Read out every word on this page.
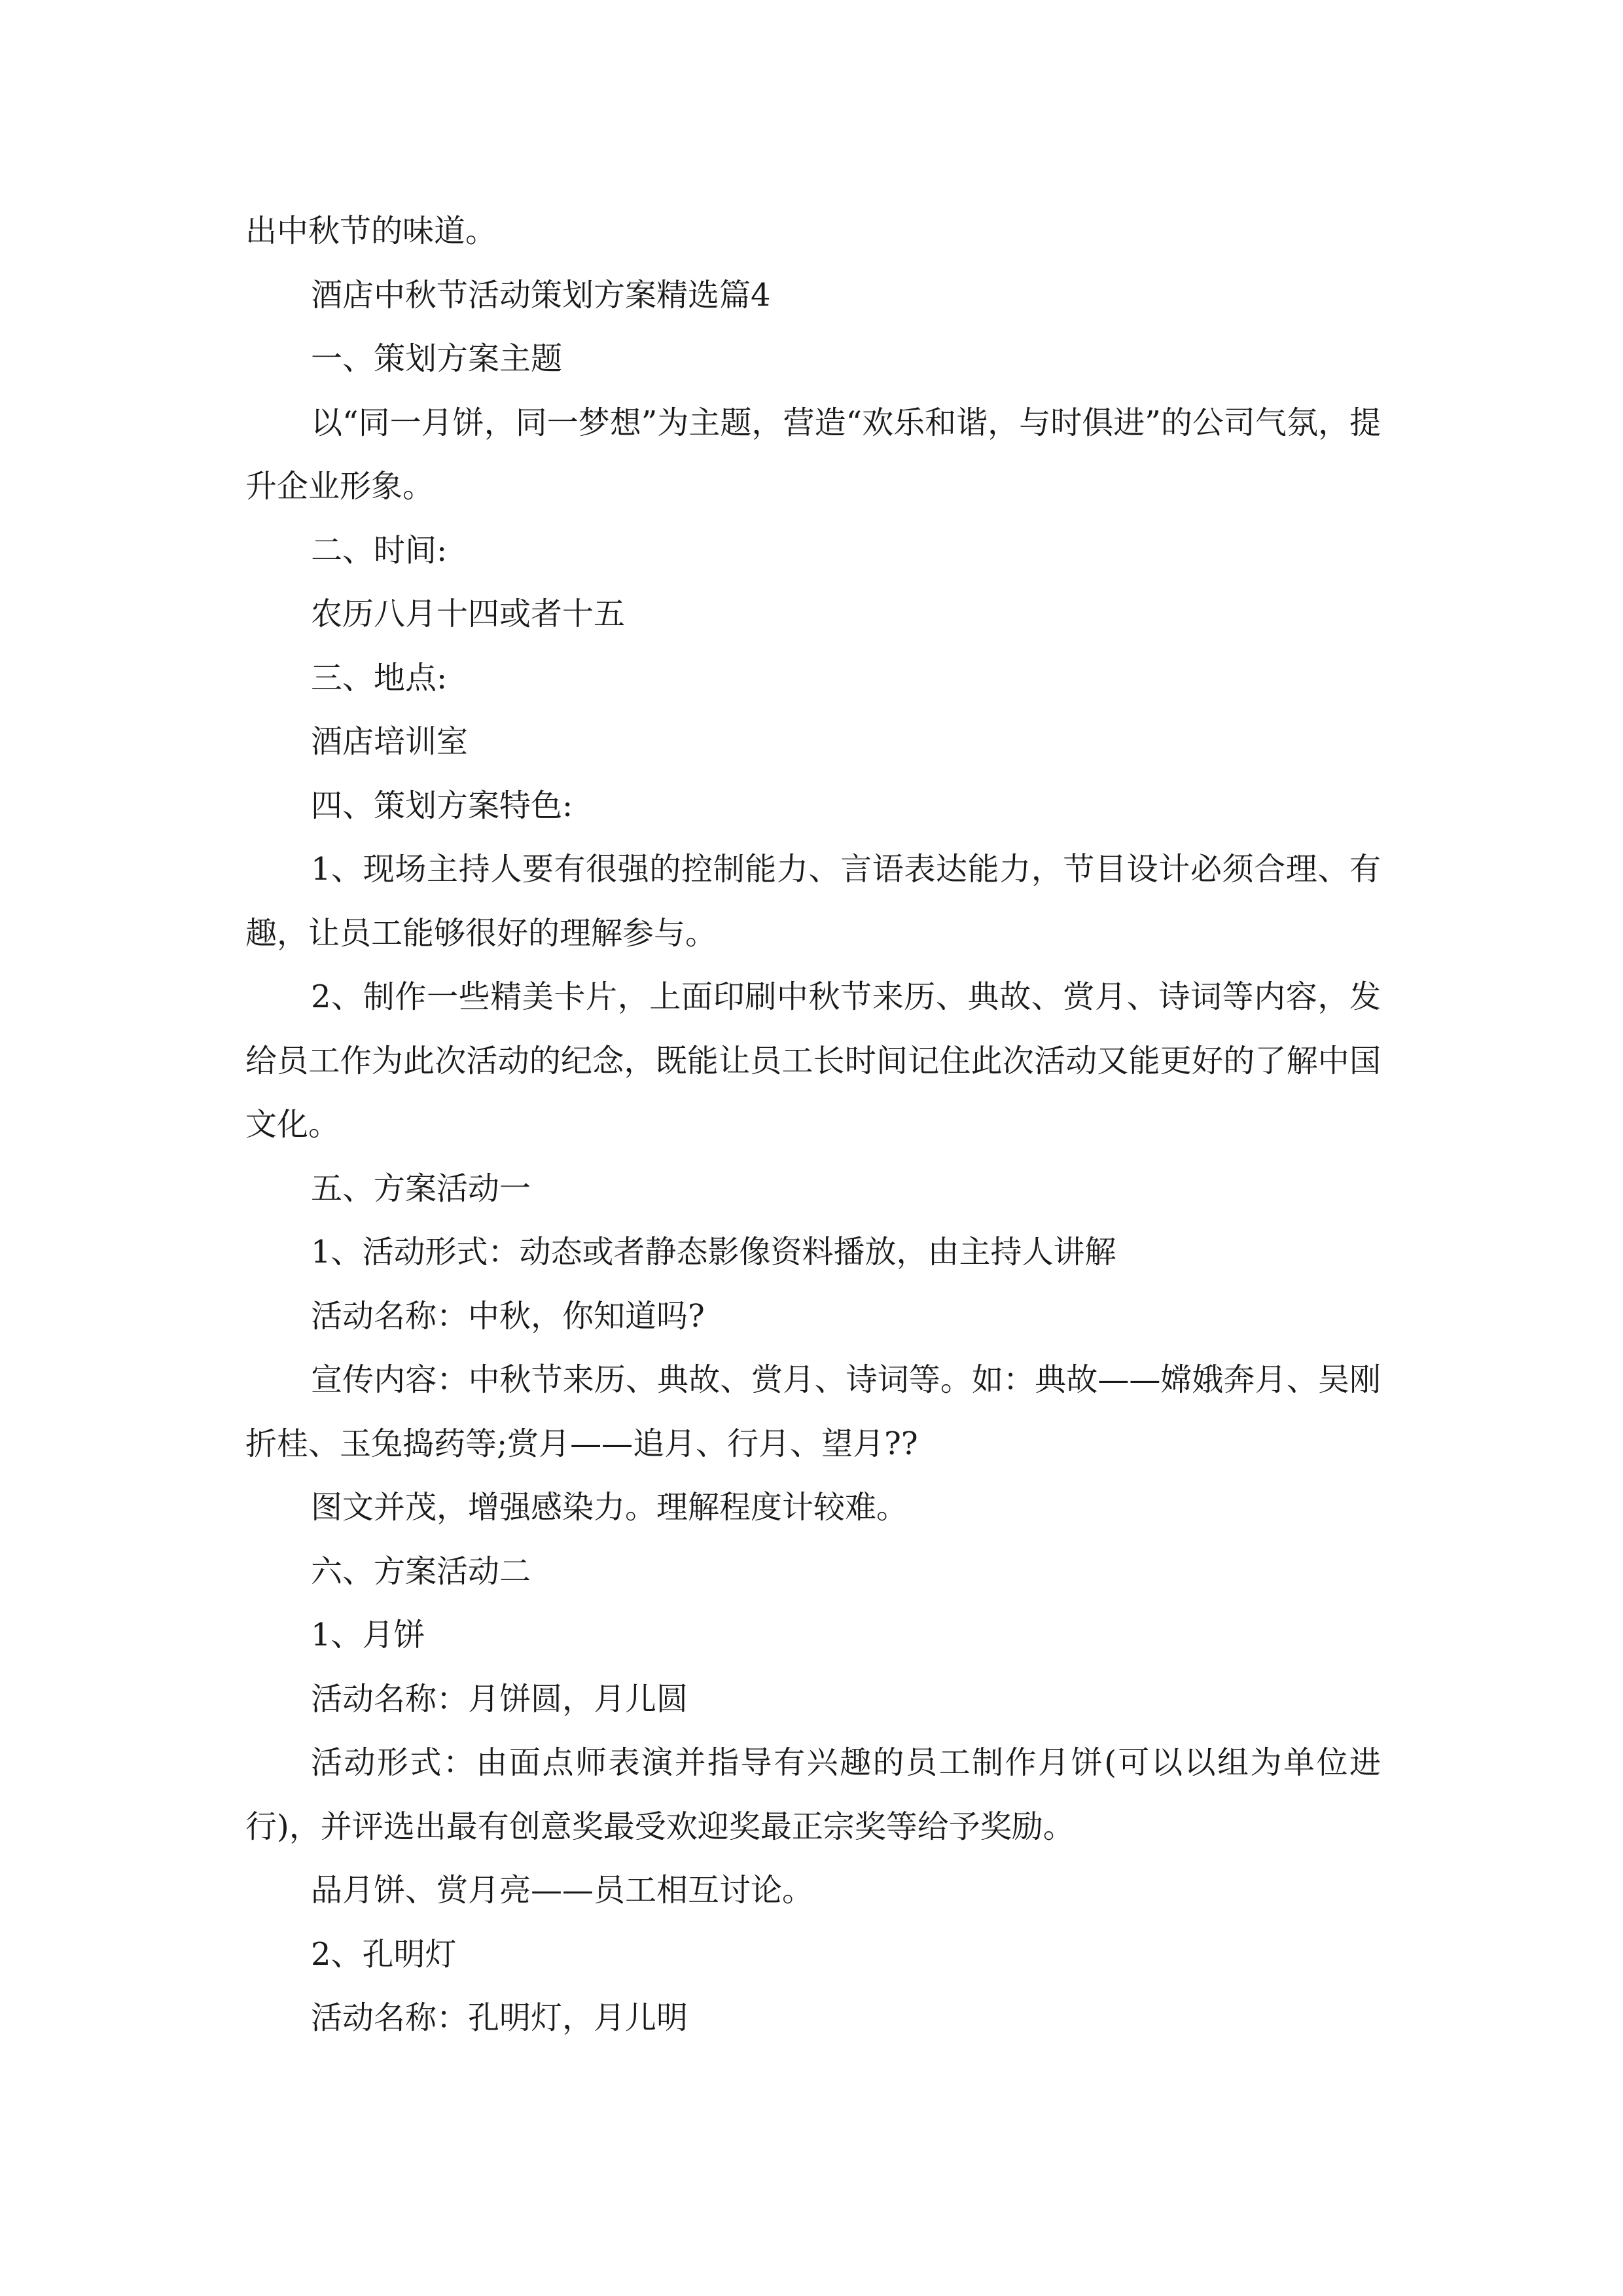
出中秋节的味道。

酒店中秋节活动策划方案精选篇4

一、策划方案主题

以“同一月饼，同一梦想”为主题，营造“欢乐和谐，与时俱进”的公司气氛，提升企业形象。

二、时间:

农历八月十四或者十五

三、地点:

酒店培训室

四、策划方案特色:

1、现场主持人要有很强的控制能力、言语表达能力，节目设计必须合理、有趣，让员工能够很好的理解参与。

2、制作一些精美卡片，上面印刷中秋节来历、典故、赏月、诗词等内容，发给员工作为此次活动的纪念，既能让员工长时间记住此次活动又能更好的了解中国文化。

五、方案活动一

1、活动形式：动态或者静态影像资料播放，由主持人讲解

活动名称：中秋，你知道吗?

宣传内容：中秋节来历、典故、赏月、诗词等。如：典故——嫦娥奔月、吴刚折桂、玉兔捣药等;赏月——追月、行月、望月??

图文并茂，增强感染力。理解程度计较难。

六、方案活动二

1、月饼

活动名称：月饼圆，月儿圆

活动形式：由面点师表演并指导有兴趣的员工制作月饼(可以以组为单位进行)，并评选出最有创意奖最受欢迎奖最正宗奖等给予奖励。

品月饼、赏月亮——员工相互讨论。

2、孔明灯

活动名称：孔明灯，月儿明
